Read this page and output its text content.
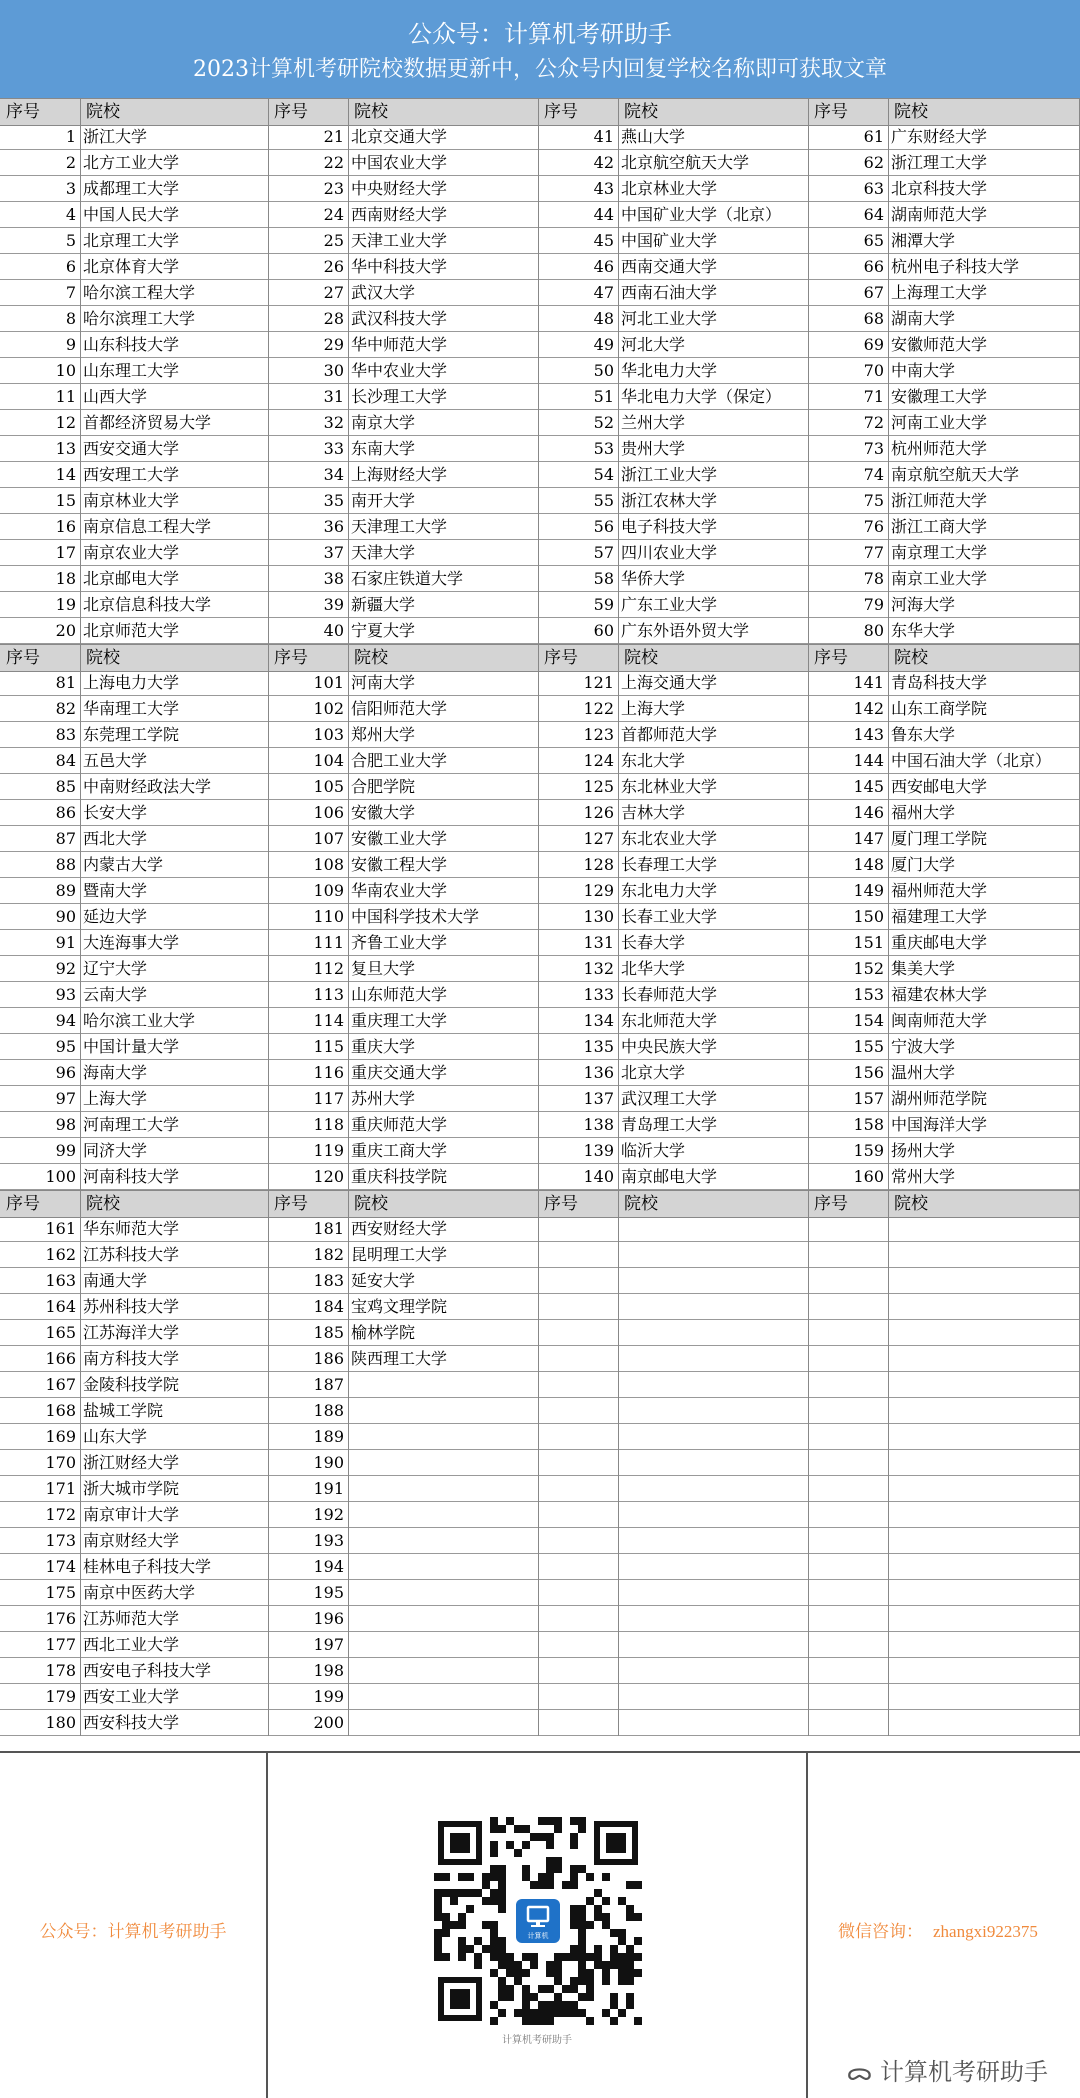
公众号：计算机考研助手
2023计算机考研院校数据更新中，公众号内回复学校名称即可获取文章
序号	院校	序号	院校	序号	院校	序号	院校
1 浙江大学	21 北京交通大学	41 燕山大学	61 广东财经大学
2 北方工业大学	22 中国农业大学	42 北京航空航天大学	62 浙江理工大学
3 成都理工大学	23 中央财经大学	43 北京林业大学	63 北京科技大学
4 中国人民大学	24 西南财经大学	44 中国矿业大学（北京）	64 湖南师范大学
5 北京理工大学	25 天津工业大学	45 中国矿业大学	65 湘潭大学
6 北京体育大学	26 华中科技大学	46 西南交通大学	66 杭州电子科技大学
7 哈尔滨工程大学	27 武汉大学	47 西南石油大学	67 上海理工大学
8 哈尔滨理工大学	28 武汉科技大学	48 河北工业大学	68 湖南大学
9 山东科技大学	29 华中师范大学	49 河北大学	69 安徽师范大学
10 山东理工大学	30 华中农业大学	50 华北电力大学	70 中南大学
11 山西大学	31 长沙理工大学	51 华北电力大学（保定）	71 安徽理工大学
12 首都经济贸易大学	32 南京大学	52 兰州大学	72 河南工业大学
13 西安交通大学	33 东南大学	53 贵州大学	73 杭州师范大学
14 西安理工大学	34 上海财经大学	54 浙江工业大学	74 南京航空航天大学
15 南京林业大学	35 南开大学	55 浙江农林大学	75 浙江师范大学
16 南京信息工程大学	36 天津理工大学	56 电子科技大学	76 浙江工商大学
17 南京农业大学	37 天津大学	57 四川农业大学	77 南京理工大学
18 北京邮电大学	38 石家庄铁道大学	58 华侨大学	78 南京工业大学
19 北京信息科技大学	39 新疆大学	59 广东工业大学	79 河海大学
20 北京师范大学	40 宁夏大学	60 广东外语外贸大学	80 东华大学
序号	院校	序号	院校	序号	院校	序号	院校
81 上海电力大学	101 河南大学	121 上海交通大学	141 青岛科技大学
82 华南理工大学	102 信阳师范大学	122 上海大学	142 山东工商学院
83 东莞理工学院	103 郑州大学	123 首都师范大学	143 鲁东大学
84 五邑大学	104 合肥工业大学	124 东北大学	144 中国石油大学（北京）
85 中南财经政法大学	105 合肥学院	125 东北林业大学	145 西安邮电大学
86 长安大学	106 安徽大学	126 吉林大学	146 福州大学
87 西北大学	107 安徽工业大学	127 东北农业大学	147 厦门理工学院
88 内蒙古大学	108 安徽工程大学	128 长春理工大学	148 厦门大学
89 暨南大学	109 华南农业大学	129 东北电力大学	149 福州师范大学
90 延边大学	110 中国科学技术大学	130 长春工业大学	150 福建理工大学
91 大连海事大学	111 齐鲁工业大学	131 长春大学	151 重庆邮电大学
92 辽宁大学	112 复旦大学	132 北华大学	152 集美大学
93 云南大学	113 山东师范大学	133 长春师范大学	153 福建农林大学
94 哈尔滨工业大学	114 重庆理工大学	134 东北师范大学	154 闽南师范大学
95 中国计量大学	115 重庆大学	135 中央民族大学	155 宁波大学
96 海南大学	116 重庆交通大学	136 北京大学	156 温州大学
97 上海大学	117 苏州大学	137 武汉理工大学	157 湖州师范学院
98 河南理工大学	118 重庆师范大学	138 青岛理工大学	158 中国海洋大学
99 同济大学	119 重庆工商大学	139 临沂大学	159 扬州大学
100 河南科技大学	120 重庆科技学院	140 南京邮电大学	160 常州大学
序号	院校	序号	院校	序号	院校	序号	院校
161 华东师范大学	181 西安财经大学
162 江苏科技大学	182 昆明理工大学
163 南通大学	183 延安大学
164 苏州科技大学	184 宝鸡文理学院
165 江苏海洋大学	185 榆林学院
166 南方科技大学	186 陕西理工大学
167 金陵科技学院	187
168 盐城工学院	188
169 山东大学	189
170 浙江财经大学	190
171 浙大城市学院	191
172 南京审计大学	192
173 南京财经大学	193
174 桂林电子科技大学	194
175 南京中医药大学	195
176 江苏师范大学	196
177 西北工业大学	197
178 西安电子科技大学	198
179 西安工业大学	199
180 西安科技大学	200
公众号：计算机考研助手	计算机
计算机考研助手
微信咨询： zhangxi922375
ᯅ 计算机考研助手
